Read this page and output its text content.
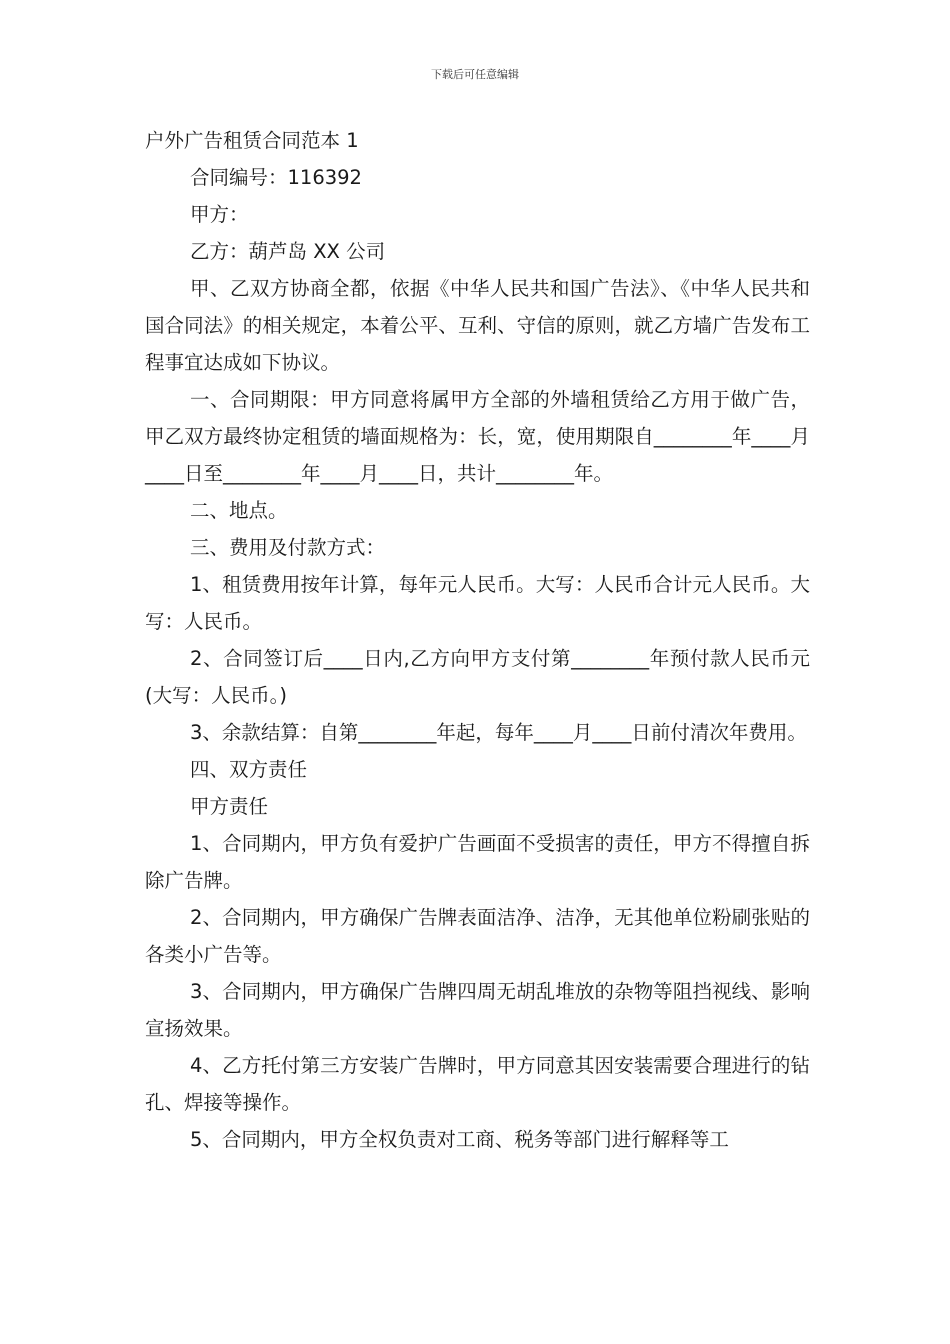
下载后可任意编辑

户外广告租赁合同范本 1

合同编号：116392

甲方：

乙方：葫芦岛 XX 公司

甲、乙双方协商全都，依据《中华人民共和国广告法》、《中华人民共和国合同法》的相关规定，本着公平、互利、守信的原则，就乙方墙广告发布工程事宜达成如下协议。

一、合同期限：甲方同意将属甲方全部的外墙租赁给乙方用于做广告，甲乙双方最终协定租赁的墙面规格为：长，宽，使用期限自________年____月____日至________年____月____日，共计________年。

二、地点。

三、费用及付款方式：

1、租赁费用按年计算，每年元人民币。大写：人民币合计元人民币。大写：人民币。

2、合同签订后____日内,乙方向甲方支付第________年预付款人民币元(大写：人民币。)

3、余款结算：自第________年起，每年____月____日前付清次年费用。

四、双方责任

甲方责任

1、合同期内，甲方负有爱护广告画面不受损害的责任，甲方不得擅自拆除广告牌。

2、合同期内，甲方确保广告牌表面洁净、洁净，无其他单位粉刷张贴的各类小广告等。

3、合同期内，甲方确保广告牌四周无胡乱堆放的杂物等阻挡视线、影响宣扬效果。

4、乙方托付第三方安装广告牌时，甲方同意其因安装需要合理进行的钻孔、焊接等操作。

5、合同期内，甲方全权负责对工商、税务等部门进行解释等工
